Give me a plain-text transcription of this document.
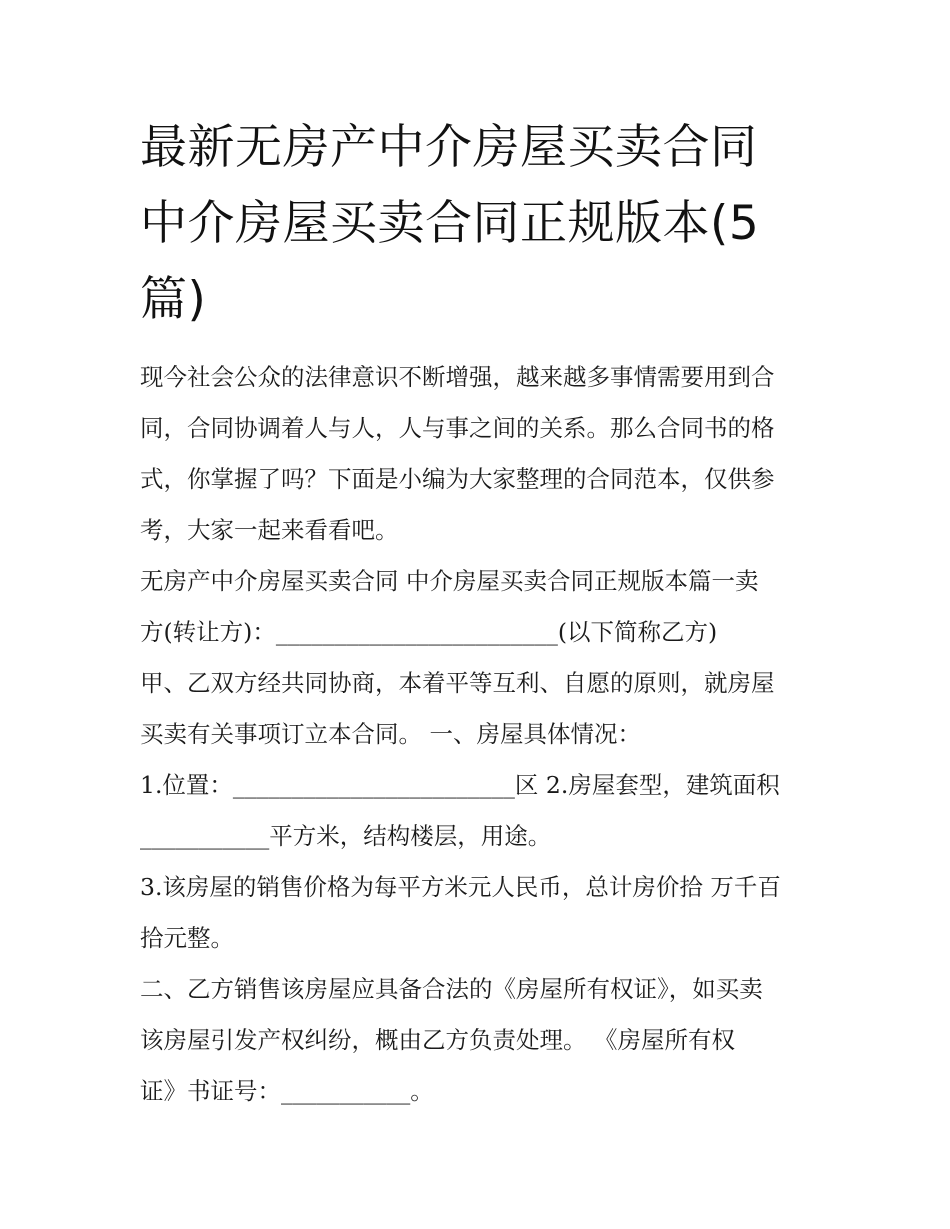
最新无房产中介房屋买卖合同
中介房屋买卖合同正规版本(5
篇)

现今社会公众的法律意识不断增强，越来越多事情需要用到合
同，合同协调着人与人，人与事之间的关系。那么合同书的格
式，你掌握了吗？下面是小编为大家整理的合同范本，仅供参
考，大家一起来看看吧。

无房产中介房屋买卖合同 中介房屋买卖合同正规版本篇一卖
方(转让方)：________________________(以下简称乙方)

甲、乙双方经共同协商，本着平等互利、自愿的原则，就房屋
买卖有关事项订立本合同。 一、房屋具体情况：

1.位置：________________________区 2.房屋套型，建筑面积
___________平方米，结构楼层，用途。

3.该房屋的销售价格为每平方米元人民币，总计房价拾 万千百
拾元整。

二、乙方销售该房屋应具备合法的《房屋所有权证》，如买卖
该房屋引发产权纠纷，概由乙方负责处理。 《房屋所有权
证》书证号：___________。
